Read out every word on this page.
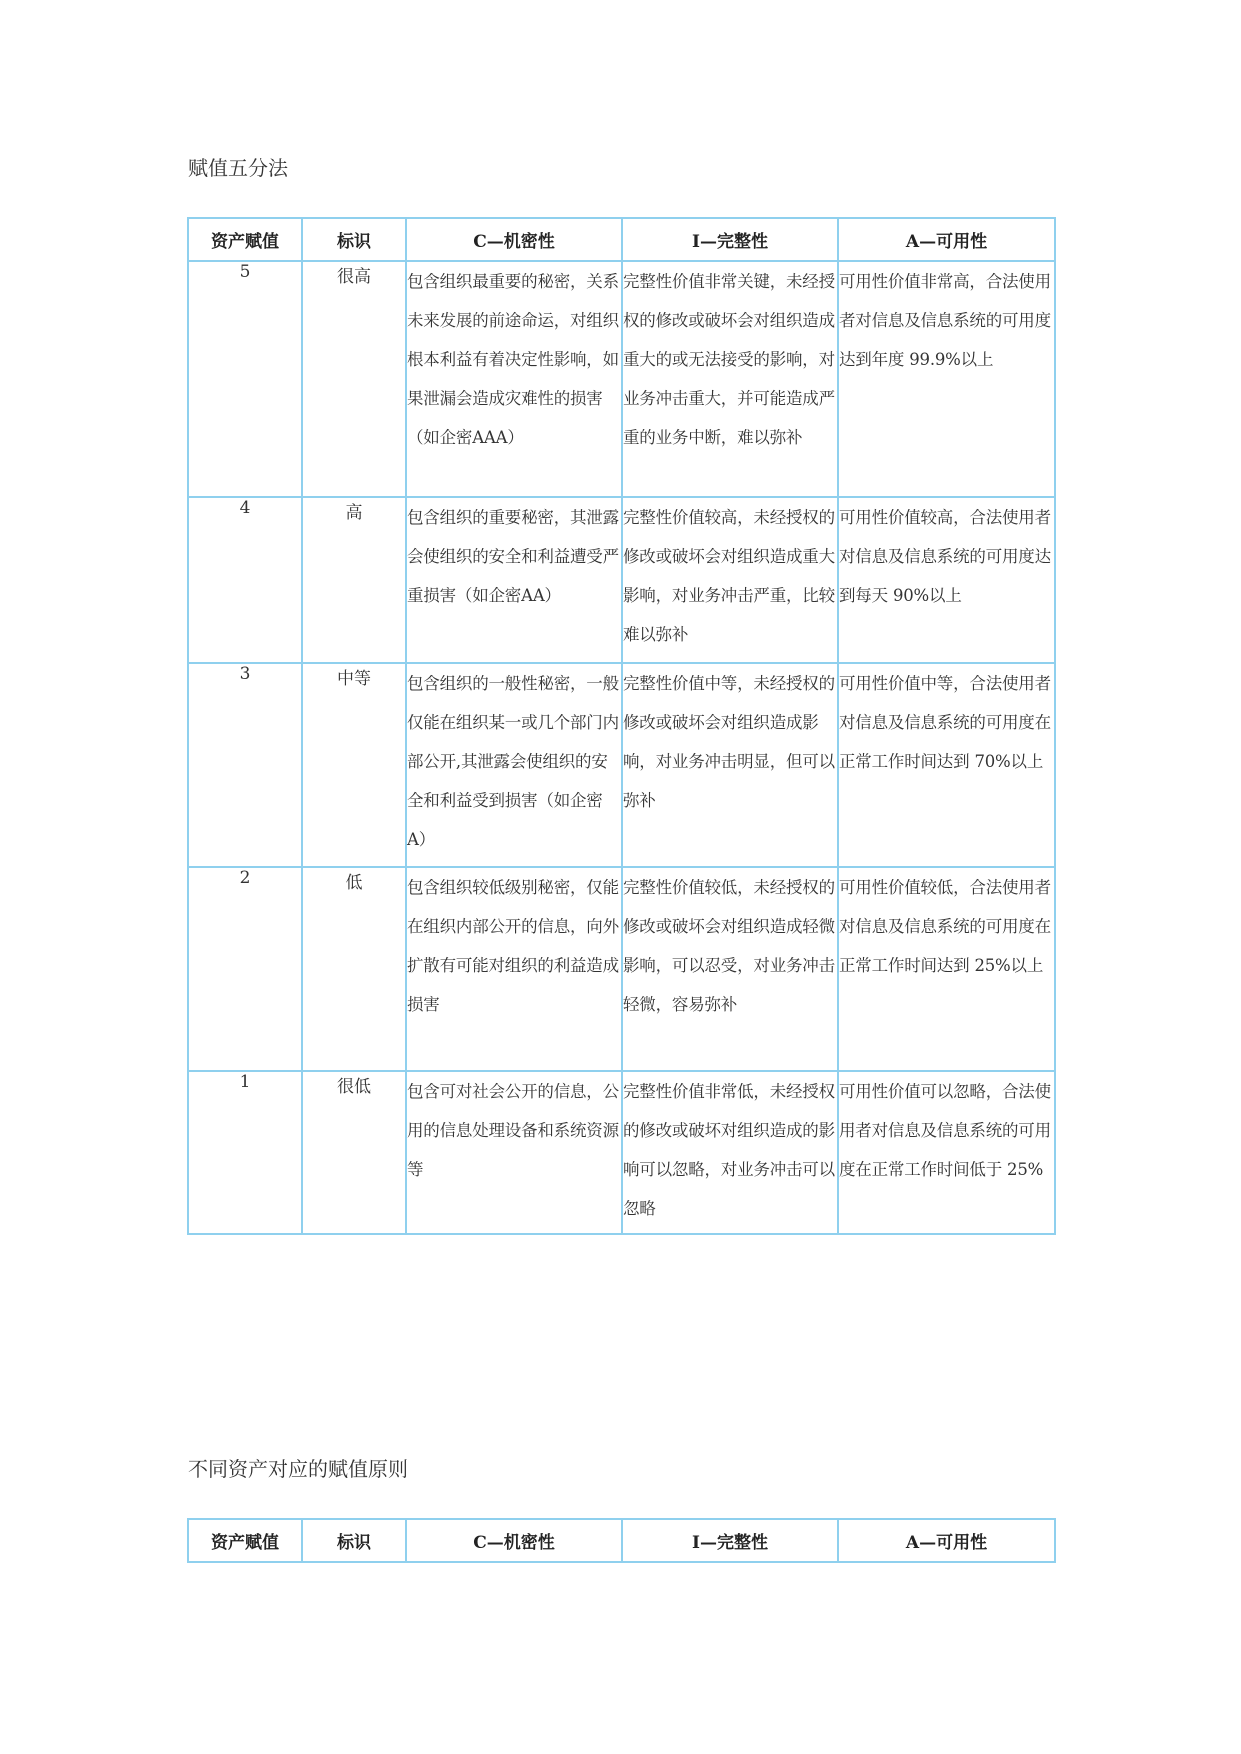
赋值五分法
资产赋值	标识	C—机密性	I—完整性	A—可用性
5	很高	包含组织最重要的秘密，关系未来发展的前途命运，对组织根本利益有着决定性影响，如果泄漏会造成灾难性的损害 （如企密AAA）	完整性价值非常关键，未经授权的修改或破坏会对组织造成重大的或无法接受的影响，对业务冲击重大，并可能造成严重的业务中断，难以弥补	可用性价值非常高，合法使用者对信息及信息系统的可用度达到年度 99.9%以上
4	高	包含组织的重要秘密，其泄露会使组织的安全和利益遭受严重损害（如企密AA）	完整性价值较高，未经授权的修改或破坏会对组织造成重大影响，对业务冲击严重，比较难以弥补	可用性价值较高，合法使用者对信息及信息系统的可用度达到每天 90%以上
3	中等	包含组织的一般性秘密，一般仅能在组织某一或几个部门内部公开,其泄露会使组织的安全和利益受到损害（如企密 A）	完整性价值中等，未经授权的修改或破坏会对组织造成影响，对业务冲击明显，但可以弥补	可用性价值中等，合法使用者对信息及信息系统的可用度在正常工作时间达到 70%以上
2	低	包含组织较低级别秘密，仅能在组织内部公开的信息，向外扩散有可能对组织的利益造成损害	完整性价值较低，未经授权的修改或破坏会对组织造成轻微影响，可以忍受，对业务冲击轻微，容易弥补	可用性价值较低，合法使用者对信息及信息系统的可用度在正常工作时间达到 25%以上
1	很低	包含可对社会公开的信息，公用的信息处理设备和系统资源等	完整性价值非常低，未经授权的修改或破坏对组织造成的影响可以忽略，对业务冲击可以忽略	可用性价值可以忽略，合法使用者对信息及信息系统的可用度在正常工作时间低于 25%
不同资产对应的赋值原则
资产赋值	标识	C—机密性	I—完整性	A—可用性
